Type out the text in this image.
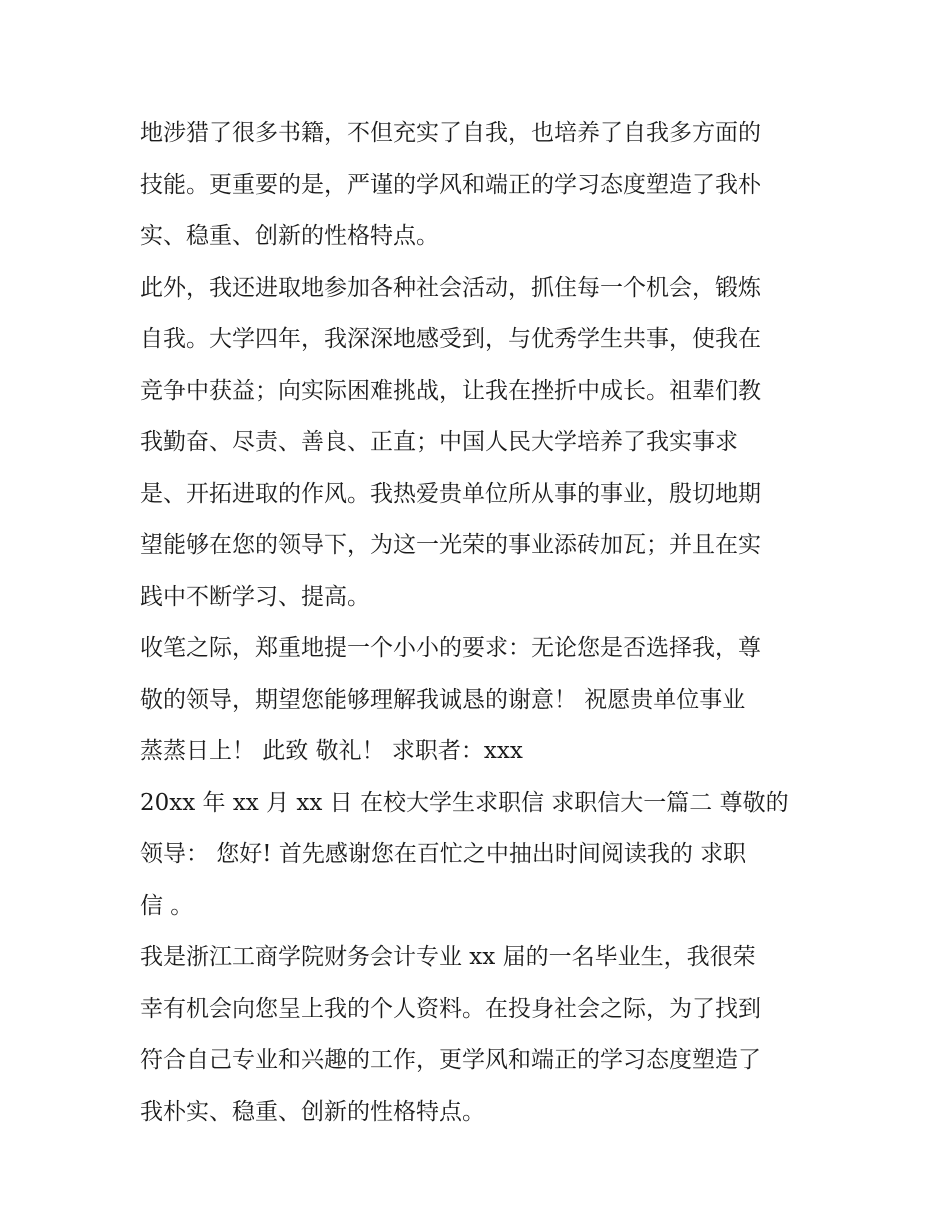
地涉猎了很多书籍，不但充实了自我，也培养了自我多方面的
技能。更重要的是，严谨的学风和端正的学习态度塑造了我朴
实、稳重、创新的性格特点。
此外，我还进取地参加各种社会活动，抓住每一个机会，锻炼
自我。大学四年，我深深地感受到，与优秀学生共事，使我在
竞争中获益；向实际困难挑战，让我在挫折中成长。祖辈们教
我勤奋、尽责、善良、正直；中国人民大学培养了我实事求
是、开拓进取的作风。我热爱贵单位所从事的事业，殷切地期
望能够在您的领导下，为这一光荣的事业添砖加瓦；并且在实
践中不断学习、提高。
收笔之际，郑重地提一个小小的要求：无论您是否选择我，尊
敬的领导，期望您能够理解我诚恳的谢意！ 祝愿贵单位事业
蒸蒸日上！ 此致 敬礼！ 求职者：xxx
20xx 年 xx 月 xx 日 在校大学生求职信 求职信大一篇二 尊敬的
领导： 您好! 首先感谢您在百忙之中抽出时间阅读我的 求职
信 。
我是浙江工商学院财务会计专业 xx 届的一名毕业生，我很荣
幸有机会向您呈上我的个人资料。在投身社会之际，为了找到
符合自己专业和兴趣的工作，更学风和端正的学习态度塑造了
我朴实、稳重、创新的性格特点。
